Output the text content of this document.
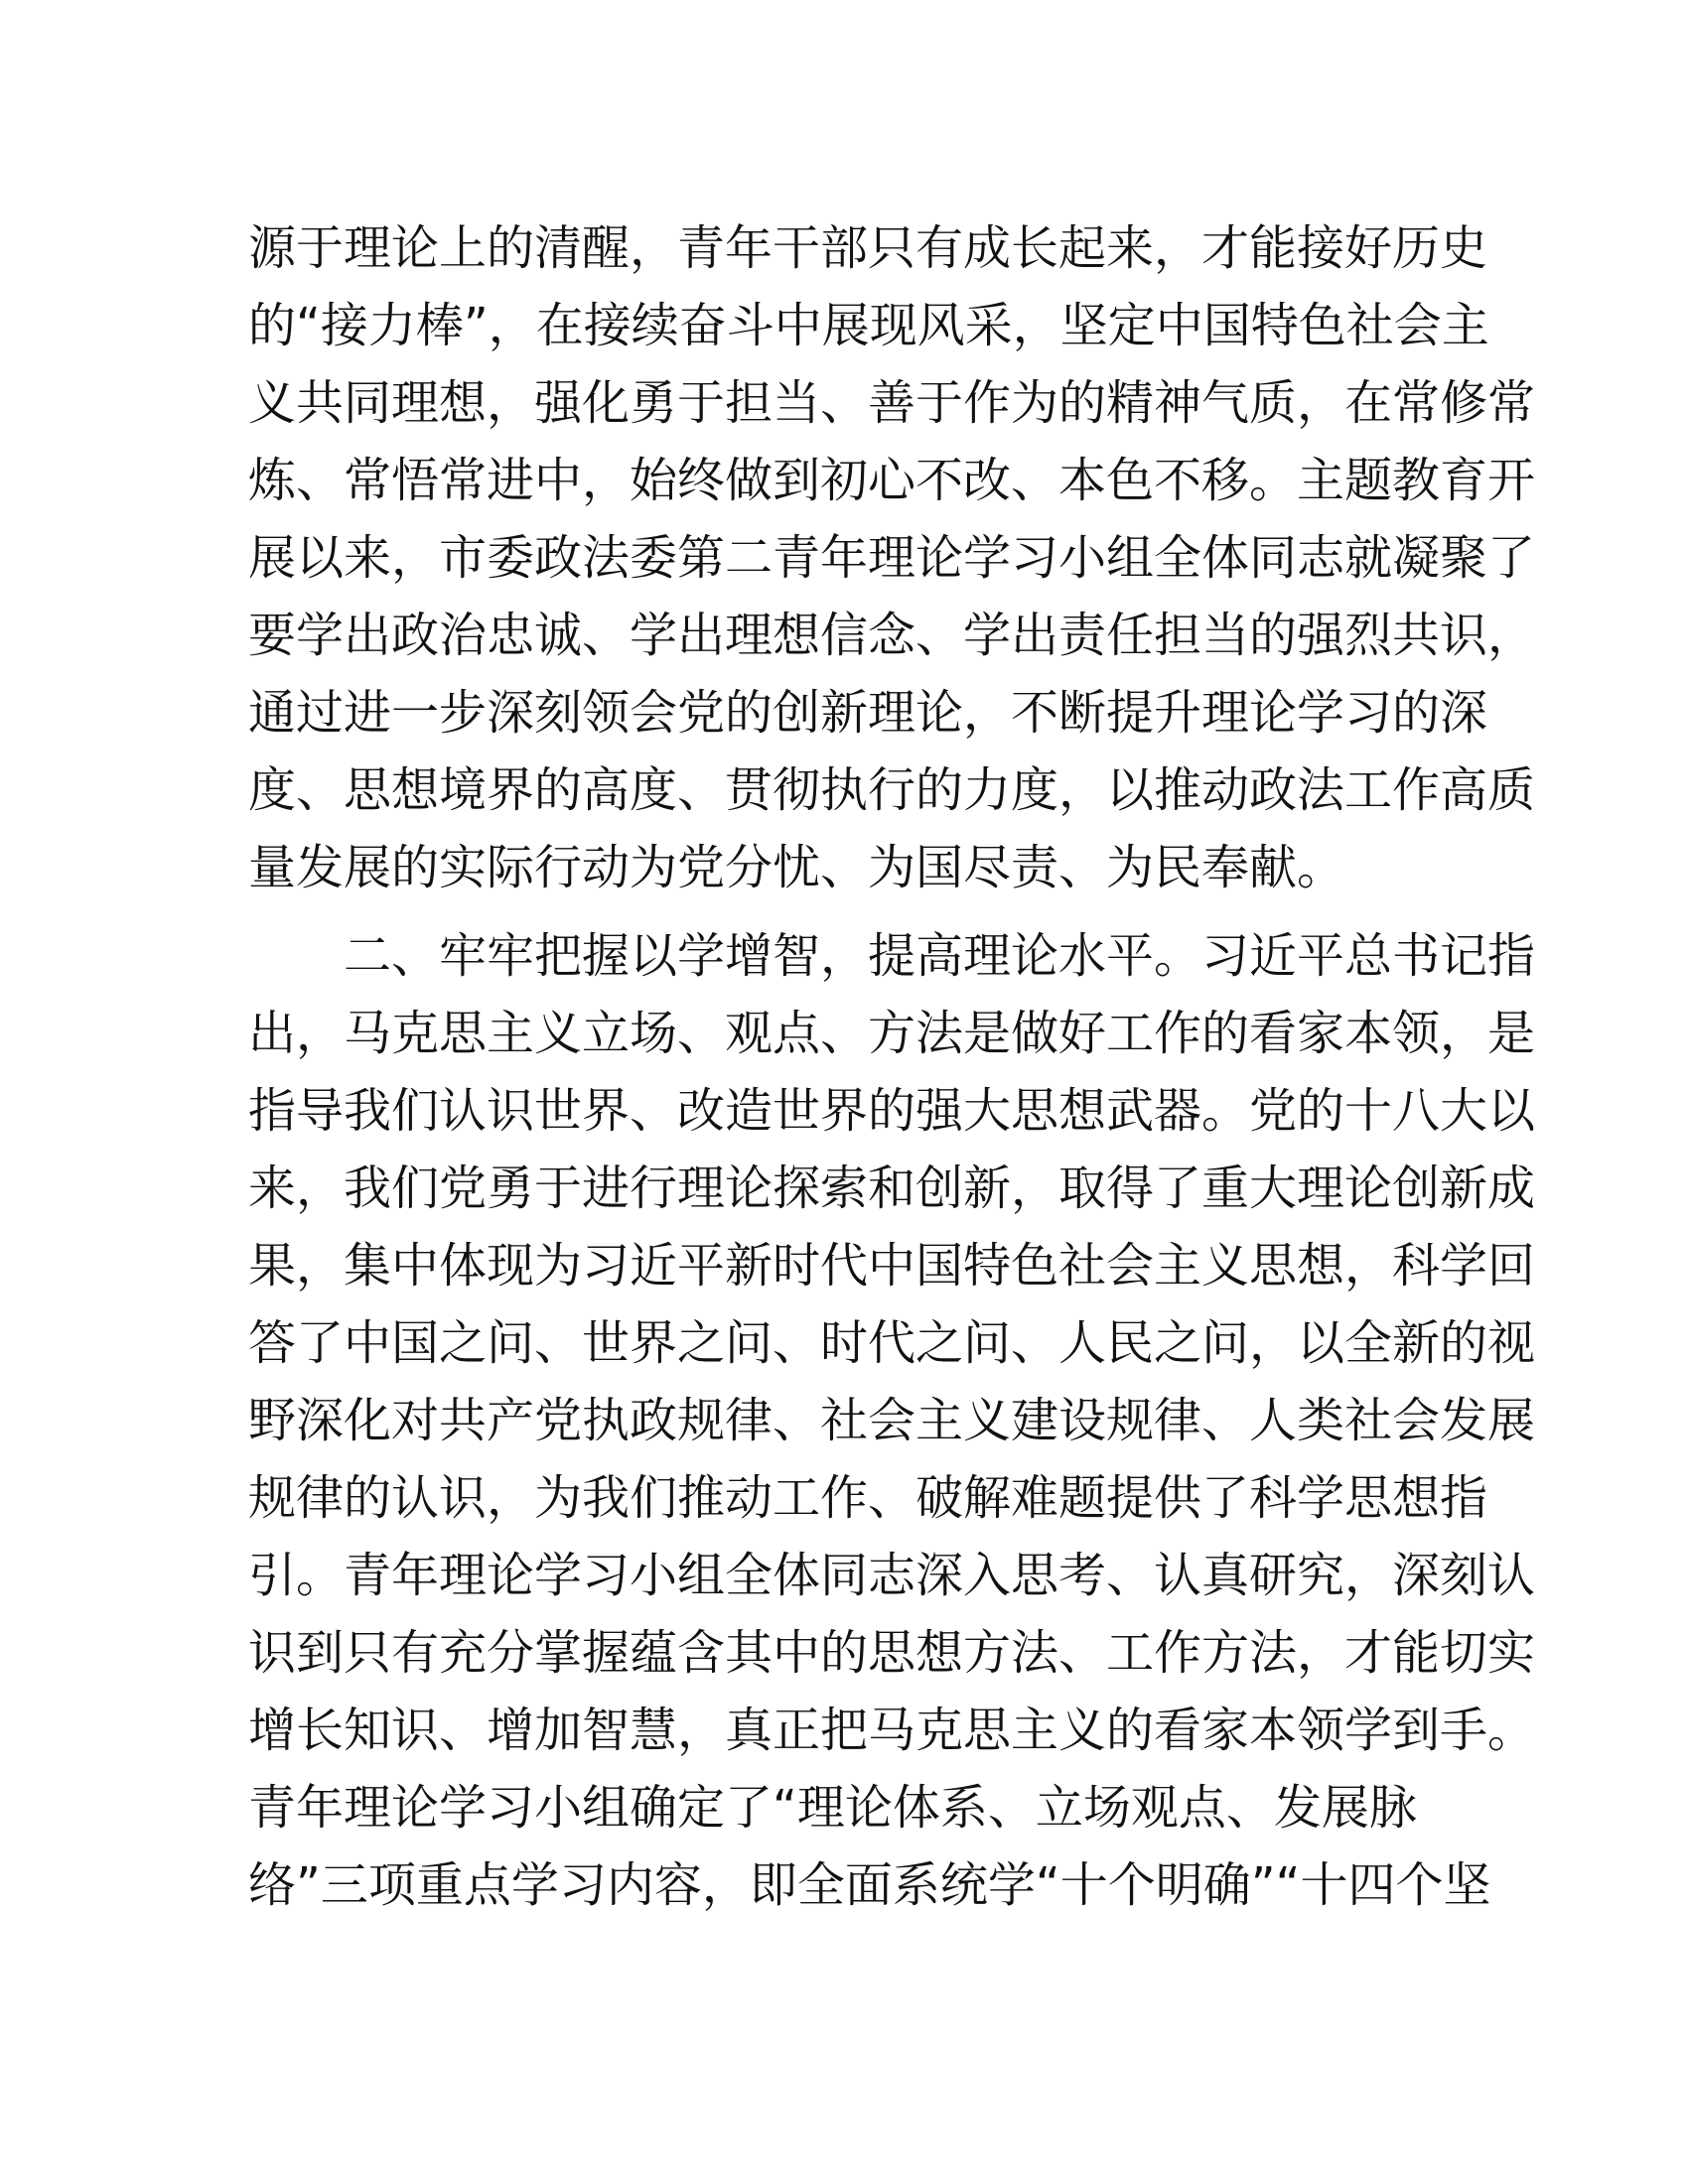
源于理论上的清醒，青年干部只有成长起来，才能接好历史
的“接力棒”，在接续奋斗中展现风采，坚定中国特色社会主
义共同理想，强化勇于担当、善于作为的精神气质，在常修常
炼、常悟常进中，始终做到初心不改、本色不移。主题教育开
展以来，市委政法委第二青年理论学习小组全体同志就凝聚了
要学出政治忠诚、学出理想信念、学出责任担当的强烈共识，
通过进一步深刻领会党的创新理论，不断提升理论学习的深
度、思想境界的高度、贯彻执行的力度，以推动政法工作高质
量发展的实际行动为党分忧、为国尽责、为民奉献。
二、牢牢把握以学增智，提高理论水平。习近平总书记指
出，马克思主义立场、观点、方法是做好工作的看家本领，是
指导我们认识世界、改造世界的强大思想武器。党的十八大以
来，我们党勇于进行理论探索和创新，取得了重大理论创新成
果，集中体现为习近平新时代中国特色社会主义思想，科学回
答了中国之问、世界之问、时代之问、人民之问，以全新的视
野深化对共产党执政规律、社会主义建设规律、人类社会发展
规律的认识，为我们推动工作、破解难题提供了科学思想指
引。青年理论学习小组全体同志深入思考、认真研究，深刻认
识到只有充分掌握蕴含其中的思想方法、工作方法，才能切实
增长知识、增加智慧，真正把马克思主义的看家本领学到手。
青年理论学习小组确定了“理论体系、立场观点、发展脉
络”三项重点学习内容，即全面系统学“十个明确”“十四个坚
